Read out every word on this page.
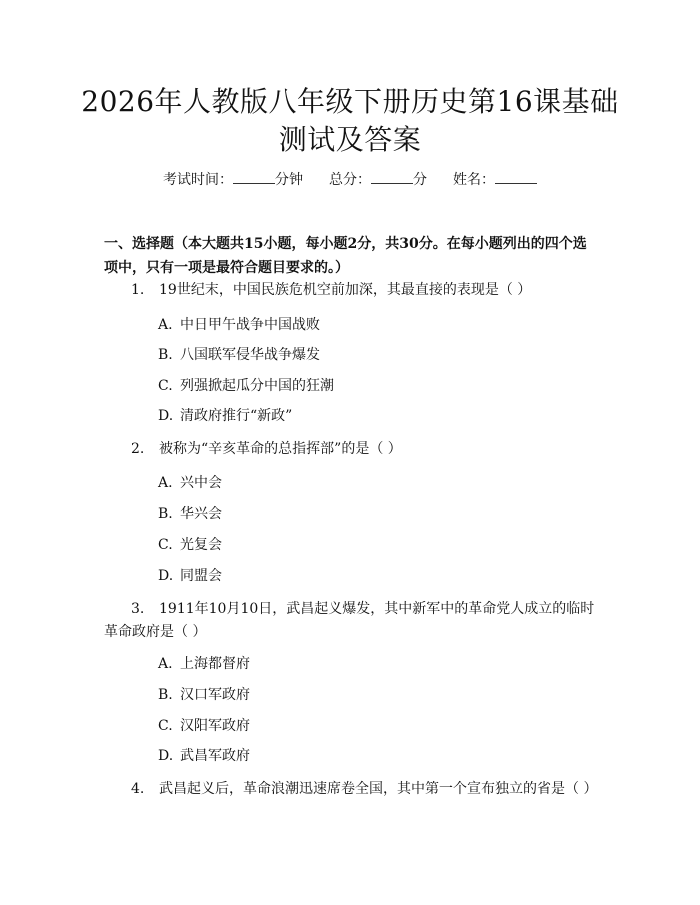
2026年人教版八年级下册历史第16课基础
测试及答案
考试时间：	分钟 总分：	分 姓名：
一、选择题（本大题共15小题，每小题2分，共30分。在每小题列出的四个选
项中，只有一项是最符合题目要求的。）
1. 19世纪末，中国民族危机空前加深，其最直接的表现是（ ）
A. 中日甲午战争中国战败
B. 八国联军侵华战争爆发
C. 列强掀起瓜分中国的狂潮
D. 清政府推行“新政”
2. 被称为“辛亥革命的总指挥部”的是（ ）
A. 兴中会
B. 华兴会
C. 光复会
D. 同盟会
3. 1911年10月10日，武昌起义爆发，其中新军中的革命党人成立的临时
革命政府是（ ）
A. 上海都督府
B. 汉口军政府
C. 汉阳军政府
D. 武昌军政府
4. 武昌起义后，革命浪潮迅速席卷全国，其中第一个宣布独立的省是（ ）
